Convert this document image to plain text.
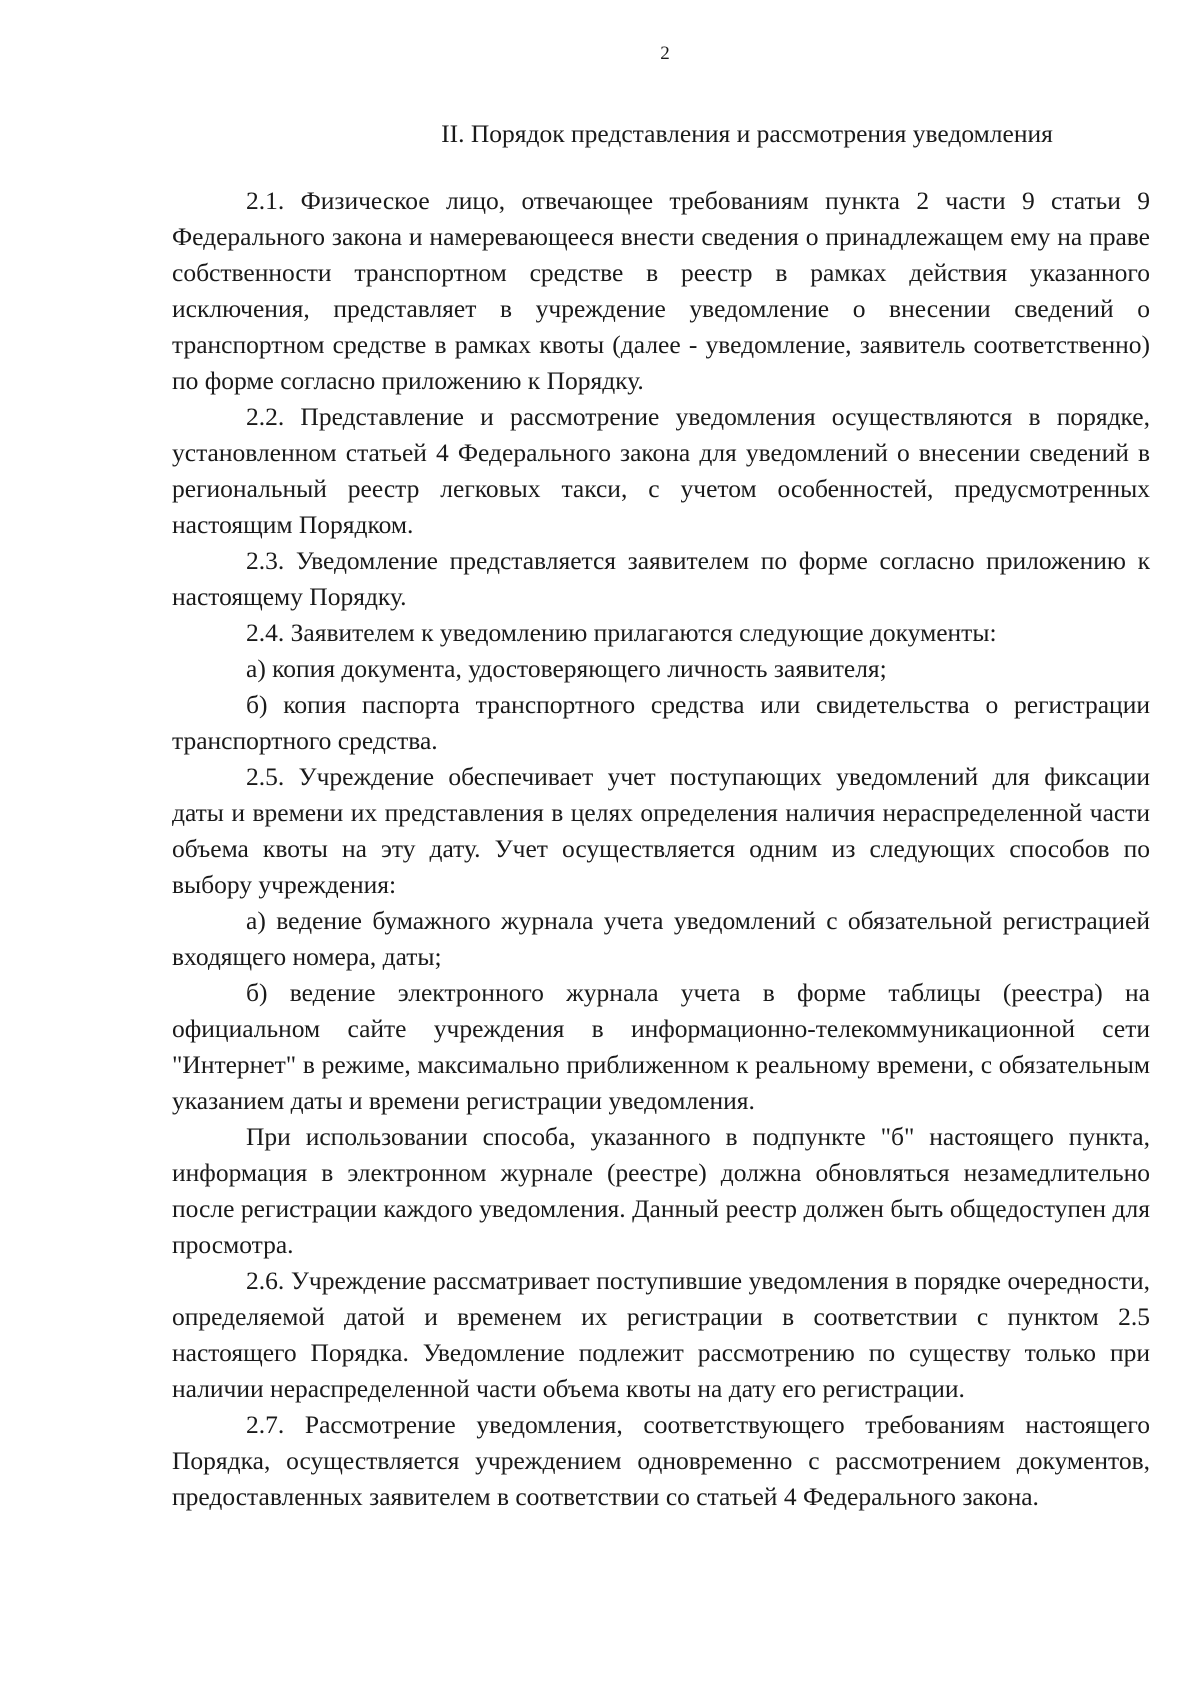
2
II. Порядок представления и рассмотрения уведомления

2.1. Физическое лицо, отвечающее требованиям пункта 2 части 9 статьи 9 Федерального закона и намеревающееся внести сведения о принадлежащем ему на праве собственности транспортном средстве в реестр в рамках действия указанного исключения, представляет в учреждение уведомление о внесении сведений о транспортном средстве в рамках квоты (далее - уведомление, заявитель соответственно) по форме согласно приложению к Порядку.

2.2. Представление и рассмотрение уведомления осуществляются в порядке, установленном статьей 4 Федерального закона для уведомлений о внесении сведений в региональный реестр легковых такси, с учетом особенностей, предусмотренных настоящим Порядком.

2.3. Уведомление представляется заявителем по форме согласно приложению к настоящему Порядку.

2.4. Заявителем к уведомлению прилагаются следующие документы:

а) копия документа, удостоверяющего личность заявителя;

б) копия паспорта транспортного средства или свидетельства о регистрации транспортного средства.

2.5. Учреждение обеспечивает учет поступающих уведомлений для фиксации даты и времени их представления в целях определения наличия нераспределенной части объема квоты на эту дату. Учет осуществляется одним из следующих способов по выбору учреждения:

а) ведение бумажного журнала учета уведомлений с обязательной регистрацией входящего номера, даты;

б) ведение электронного журнала учета в форме таблицы (реестра) на официальном сайте учреждения в информационно-телекоммуникационной сети "Интернет" в режиме, максимально приближенном к реальному времени, с обязательным указанием даты и времени регистрации уведомления.

При использовании способа, указанного в подпункте "б" настоящего пункта, информация в электронном журнале (реестре) должна обновляться незамедлительно после регистрации каждого уведомления. Данный реестр должен быть общедоступен для просмотра.

2.6. Учреждение рассматривает поступившие уведомления в порядке очередности, определяемой датой и временем их регистрации в соответствии с пунктом 2.5 настоящего Порядка. Уведомление подлежит рассмотрению по существу только при наличии нераспределенной части объема квоты на дату его регистрации.

2.7. Рассмотрение уведомления, соответствующего требованиям настоящего Порядка, осуществляется учреждением одновременно с рассмотрением документов, предоставленных заявителем в соответствии со статьей 4 Федерального закона.
